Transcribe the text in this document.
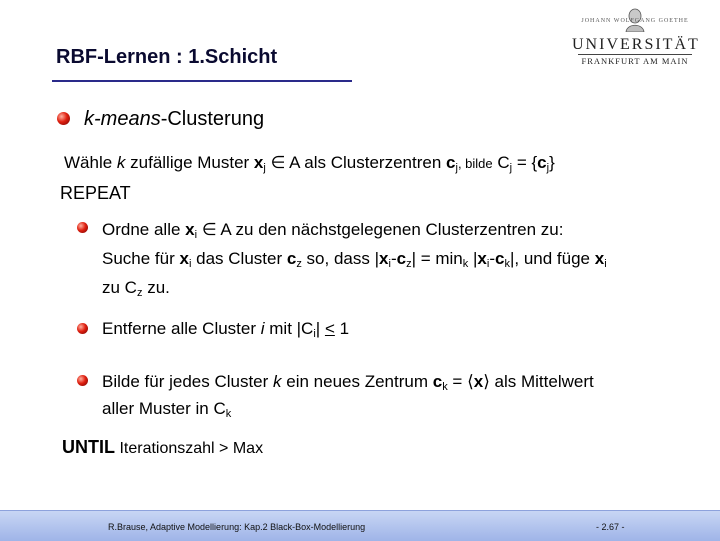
RBF-Lernen : 1.Schicht
JOHANN WOLFGANG GOETHE
UNIVERSITÄT
FRANKFURT AM MAIN
k-means-Clusterung
Wähle k zufällige Muster $x_j$ ∈ A als Clusterzentren $c_j$, bilde $C_j = \{c_j\}$
REPEAT
Ordne alle $x_i$ ∈ A zu den nächstgelegenen Clusterzentren zu:
Suche für $x_i$ das Cluster $c_z$ so, dass $|x_i-c_z| = \min_k |x_i-c_k|$, und füge $x_i$
zu $C_z$ zu.
Entferne alle Cluster i mit $|C_i| \le 1$
Bilde für jedes Cluster k ein neues Zentrum $c_k$ = ⟨x⟩ als Mittelwert
aller Muster in $C_k$
UNTIL Iterationszahl > Max
R.Brause, Adaptive Modellierung: Kap.2 Black-Box-Modellierung	- 2.67 -
